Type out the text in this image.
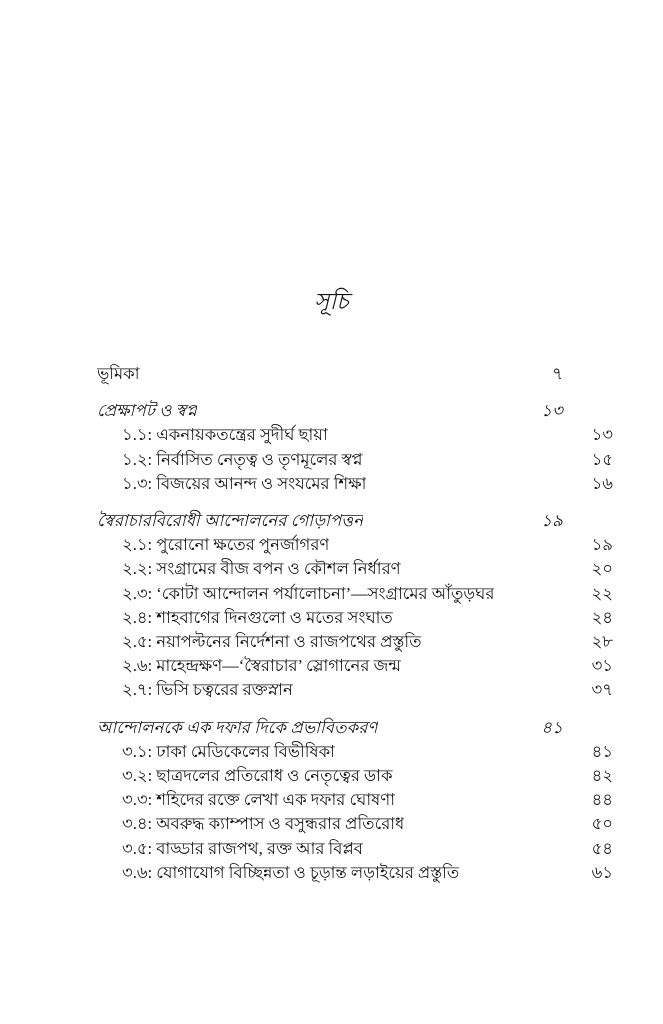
সূচি
ভূমিকা	৭
প্রেক্ষাপট ও স্বপ্ন	১৩
১.১: একনায়কতন্ত্রের সুদীর্ঘ ছায়া	১৩
১.২: নির্বাসিত নেতৃত্ব ও তৃণমূলের স্বপ্ন	১৫
১.৩: বিজয়ের আনন্দ ও সংযমের শিক্ষা	১৬
স্বৈরাচারবিরোধী আন্দোলনের গোড়াপত্তন	১৯
২.১: পুরোনো ক্ষতের পুনর্জাগরণ	১৯
২.২: সংগ্রামের বীজ বপন ও কৌশল নির্ধারণ	২০
২.৩: ‘কোটা আন্দোলন পর্যালোচনা’—সংগ্রামের আঁতুড়ঘর	২২
২.৪: শাহবাগের দিনগুলো ও মতের সংঘাত	২৪
২.৫: নয়াপল্টনের নির্দেশনা ও রাজপথের প্রস্তুতি	২৮
২.৬: মাহেন্দ্রক্ষণ—‘স্বৈরাচার’ স্লোগানের জন্ম	৩১
২.৭: ভিসি চত্বরের রক্তস্নান	৩৭
আন্দোলনকে এক দফার দিকে প্রভাবিতকরণ	৪১
৩.১: ঢাকা মেডিকেলের বিভীষিকা	৪১
৩.২: ছাত্রদলের প্রতিরোধ ও নেতৃত্বের ডাক	৪২
৩.৩: শহিদের রক্তে লেখা এক দফার ঘোষণা	৪৪
৩.৪: অবরুদ্ধ ক্যাম্পাস ও বসুন্ধরার প্রতিরোধ	৫০
৩.৫: বাড্ডার রাজপথ, রক্ত আর বিপ্লব	৫৪
৩.৬: যোগাযোগ বিচ্ছিন্নতা ও চূড়ান্ত লড়াইয়ের প্রস্তুতি	৬১
